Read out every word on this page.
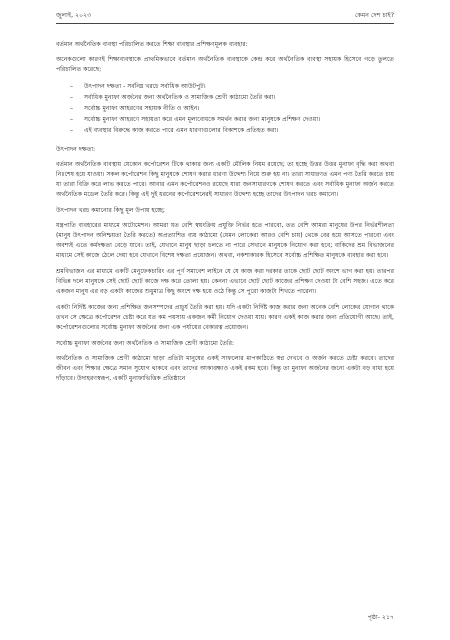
জুলাই, ২০২৩	কেমন দেশ চাই?

বর্তমান অর্থনৈতিক ব্যবস্থা পরিচালিত করতে শিক্ষা ব্যবস্থার প্রশিক্ষণমূলক ব্যবহার:

অনেকগুলো কারণই শিক্ষাব্যবস্থাকে প্রাথমিকভাবে বর্তমান অর্থনৈতিক ব্যবস্থাকে কেন্দ্র করে অর্থনৈতিক ব্যবস্থা সহায়ক হিসেবে গড়ে তুলতে পরিচালিত করেছে:

– উৎপাদন দক্ষতা - সর্বনিম্ন খরচে সর্বাধিক আউটপুট।
– সর্বাধিক মুনাফা অর্জনের জন্য অর্থনৈতিক ও সামাজিক শ্রেণী কাঠামো তৈরি করা।
– সর্বোচ্চ মুনাফা আহরণের সহায়ক নীতি ও আইন।
– সর্বোচ্চ মুনাফা আহরণে সহায়তা করে এমন মূল্যবোধকে সমর্থন করার জন্য মানুষকে প্রশিক্ষণ দেওয়া।
– এই ব্যবস্থার বিরুদ্ধে কাজ করতে পারে এমন ধারণাগুলোর বিকাশকে প্রতিহত করা।

উৎপাদন দক্ষতা:

বর্তমান অর্থনৈতিক ব্যবস্থায় যেকোন কর্পোরেশন টিকে থাকার জন্য একটি মৌলিক নিয়ম রয়েছে; তা হচ্ছে উত্তর উত্তর মুনাফা বৃদ্ধি করা অথবা নিঃশেষ হয়ে যাওয়া। সকল কর্পোরেশন কিছু মানুষকে শোষণ করার ধারণা উদ্দেশ্য নিয়ে শুরু হয় না। তারা সাধারণত এমন পণ্য তৈরি করতে চায় যা তারা বিক্রি করে লাভ করতে পারে। আবার এমন কর্পোরেশনও রয়েছে যারা জনসাধারণকে শোষণ করতে এবং সর্বাধিক মুনাফা অর্জন করতে অর্থনৈতিক মডেল তৈরি করে। কিন্তু এই দুই ধরনের কর্পোরেশনেরই সাধারণ উদ্দেশ্য হচ্ছে তাদের উৎপাদন খরচ কমানো।

উৎপাদন খরচ কমানোর কিছু মূল উপায় হচ্ছে;

যন্ত্রপাতি ব্যবহারের মাধ্যমে অটোমেশন। আমরা যত বেশি স্বয়ংক্রিয় প্রযুক্তি নির্ভর হতে পারবো, তত বেশি আমরা মানুষের উপর নির্ভরশীলতা (মানুষ উৎপাদন অনিশ্চয়তা তৈরি করতে) অপ্রত্যাশিত ব্যয় কাঠামো (যেমন লোকেরা আরও বেশি চায়) থেকে বের হয়ে আসতে পারবো এবং অবশ্যই এতে কর্মদক্ষতা বেড়ে যাবে। তাই, যেখানে মানুষ ছাড়া চলতে না পারে সেখানে মানুষকে নিয়োগ করা হবে; বাকিদের শ্রম বিভাজনের মাধ্যমে সেই কাজে ঠেলে দেয়া হবে যেখানে বিশেষ দক্ষতা প্রয়োজন। অথবা, নকশাকারক হিসেবে সর্বোচ্চ প্রশিক্ষিত মানুষকে ব্যবহার করা হবে।

শ্রমবিভাজন এর মাধ্যমে একটি মেনুফেকচারিং এর পূর্ণ সমাবেশ লাইনে যে যে কাজ করা দরকার তাকে ছোট ছোট অংশে ভাগ করা হয়। তারপর বিভিন্ন দলে মানুষকে সেই ছোট ছোট কাজে দক্ষ করে তোলা হয়। কেননা এভাবে ছোট ছোট কাজের প্রশিক্ষণ দেওয়া টা বেশি সহজ। এতে করে একজন মানুষ এর বড় একটা কাজের শুধুমাত্র কিছু অংশে দক্ষ হয়ে ওঠে কিন্তু সে পুরো কাজটা শিখতে পারেনা।

একটা নির্দিষ্ট কাজের জন্য প্রশিক্ষিত জনসম্পদের প্রাচুর্য তৈরি করা হয়। যদি একটা নির্দিষ্ট কাজ করার জন্য অনেক বেশি লোকের যোগান থাকে তখন সে ক্ষেত্রে কর্পোরেশন চেষ্টা করে যত কম পয়সায় একজন কর্মী নিয়োগ দেওয়া যায়। কারণ একই কাজ করার জন্য প্রতিযোগী আছে। তাই, কর্পোরেশনগুলোর সর্বোচ্চ মুনাফা অর্জনের জন্য এক পর্যায়ের বেকারত্ব প্রয়োজন।

সর্বোচ্চ মুনাফা অর্জনের জন্য অর্থনৈতিক ও সামাজিক শ্রেণী কাঠামো তৈরি:

অর্থনৈতিক ও সামাজিক শ্রেণী কাঠামো ছাড়া প্রতিটা মানুষের একই সাফল্যের মাপকাঠিতে স্বপ্ন দেখবে ও অর্জন করতে চেষ্টা করবে। তাদের জীবন এবং শিক্ষার ক্ষেত্রে সমান সুযোগ থাকবে এবং তাদের আকাঙ্ক্ষাও একই রকম হবে। কিন্তু তা মুনাফা অর্জনের জন্যে একটা বড় বাধা হয়ে দাঁড়াবে। উদাহরণস্বরূপ, একটি মুনাফাভিত্তিক প্রতিষ্ঠানে

পৃষ্ঠা- ২১৭
